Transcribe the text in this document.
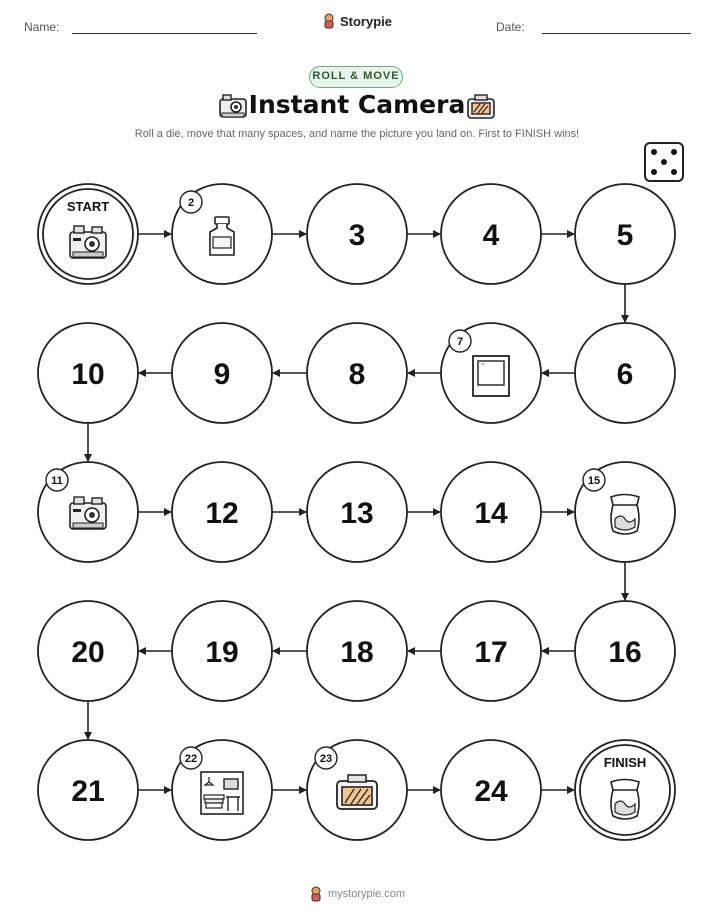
Name:	Storypie	Date:
ROLL & MOVE
Instant Camera
Roll a die, move that many spaces, and name the picture you land on. First to FINISH wins!
START	2
3	4	5
6
7
8
9
10
11
12	13	14
15
16
17
18
19
20
21
22	23
24
FINISH
mystorypie.com
